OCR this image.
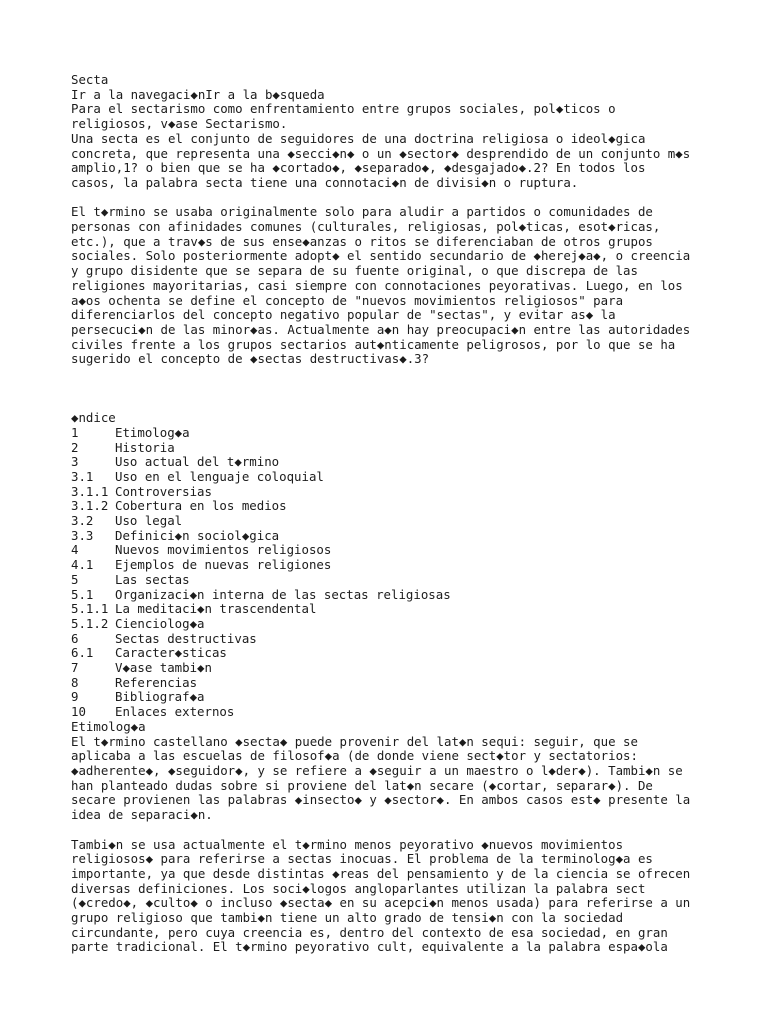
Secta
Ir a la navegaci◆nIr a la b◆squeda
Para el sectarismo como enfrentamiento entre grupos sociales, pol◆ticos o
religiosos, v◆ase Sectarismo.
Una secta es el conjunto de seguidores de una doctrina religiosa o ideol◆gica
concreta, que representa una ◆secci◆n◆ o un ◆sector◆ desprendido de un conjunto m◆s
amplio,1? o bien que se ha ◆cortado◆, ◆separado◆, ◆desgajado◆.2? En todos los
casos, la palabra secta tiene una connotaci◆n de divisi◆n o ruptura.
El t◆rmino se usaba originalmente solo para aludir a partidos o comunidades de
personas con afinidades comunes (culturales, religiosas, pol◆ticas, esot◆ricas,
etc.), que a trav◆s de sus ense◆anzas o ritos se diferenciaban de otros grupos
sociales. Solo posteriormente adopt◆ el sentido secundario de ◆herej◆a◆, o creencia
y grupo disidente que se separa de su fuente original, o que discrepa de las
religiones mayoritarias, casi siempre con connotaciones peyorativas. Luego, en los
a◆os ochenta se define el concepto de "nuevos movimientos religiosos" para
diferenciarlos del concepto negativo popular de "sectas", y evitar as◆ la
persecuci◆n de las minor◆as. Actualmente a◆n hay preocupaci◆n entre las autoridades
civiles frente a los grupos sectarios aut◆nticamente peligrosos, por lo que se ha
sugerido el concepto de ◆sectas destructivas◆.3?
◆ndice
1	Etimolog◆a
2	Historia
3	Uso actual del t◆rmino
3.1 Uso en el lenguaje coloquial
3.1.1 Controversias
3.1.2 Cobertura en los medios
3.2 Uso legal
3.3 Definici◆n sociol◆gica
4	Nuevos movimientos religiosos
4.1 Ejemplos de nuevas religiones
5	Las sectas
5.1 Organizaci◆n interna de las sectas religiosas
5.1.1 La meditaci◆n trascendental
5.1.2 Cienciolog◆a
6	Sectas destructivas
6.1 Caracter◆sticas
7	V◆ase tambi◆n
8	Referencias
9	Bibliograf◆a
10 Enlaces externos
Etimolog◆a
El t◆rmino castellano ◆secta◆ puede provenir del lat◆n sequi: seguir, que se
aplicaba a las escuelas de filosof◆a (de donde viene sect◆tor y sectatorios:
◆adherente◆, ◆seguidor◆, y se refiere a ◆seguir a un maestro o l◆der◆). Tambi◆n se
han planteado dudas sobre si proviene del lat◆n secare (◆cortar, separar◆). De
secare provienen las palabras ◆insecto◆ y ◆sector◆. En ambos casos est◆ presente la
idea de separaci◆n.
Tambi◆n se usa actualmente el t◆rmino menos peyorativo ◆nuevos movimientos
religiosos◆ para referirse a sectas inocuas. El problema de la terminolog◆a es
importante, ya que desde distintas ◆reas del pensamiento y de la ciencia se ofrecen
diversas definiciones. Los soci◆logos angloparlantes utilizan la palabra sect
(◆credo◆, ◆culto◆ o incluso ◆secta◆ en su acepci◆n menos usada) para referirse a un
grupo religioso que tambi◆n tiene un alto grado de tensi◆n con la sociedad
circundante, pero cuya creencia es, dentro del contexto de esa sociedad, en gran
parte tradicional. El t◆rmino peyorativo cult, equivalente a la palabra espa◆ola
